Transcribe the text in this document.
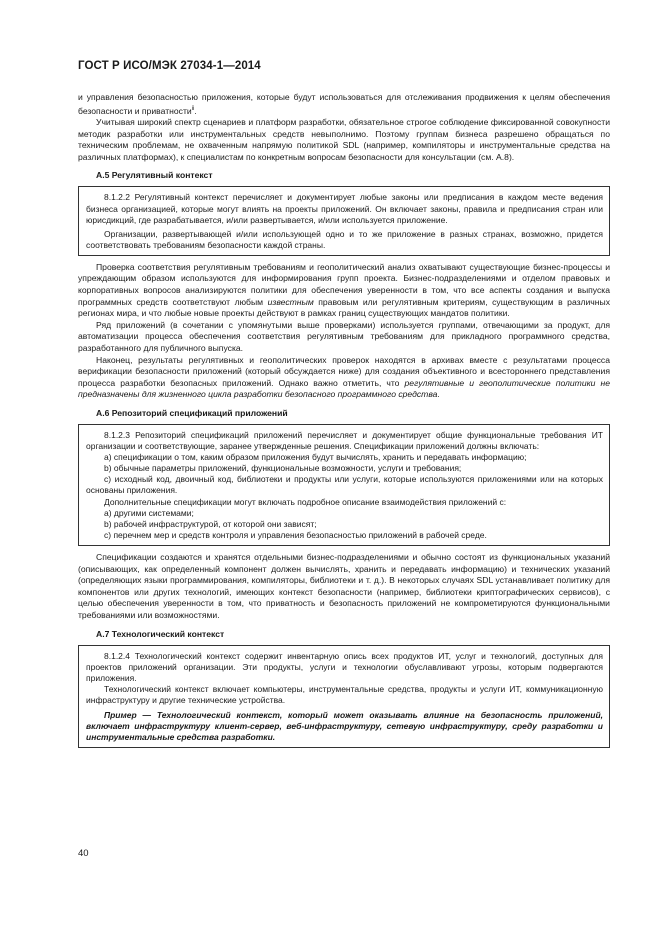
ГОСТ Р ИСО/МЭК 27034-1—2014

и управления безопасностью приложения, которые будут использоваться для отслеживания продвижения к целям обеспечения безопасности и приватности$^{ii}$.

Учитывая широкий спектр сценариев и платформ разработки, обязательное строгое соблюдение фиксированной совокупности методик разработки или инструментальных средств невыполнимо. Поэтому группам бизнеса разрешено обращаться по техническим проблемам, не охваченным напрямую политикой SDL (например, компиляторы и инструментальные средства на различных платформах), к специалистам по конкретным вопросам безопасности для консультации (см. А.8).

А.5 Регулятивный контекст

8.1.2.2 Регулятивный контекст перечисляет и документирует любые законы или предписания в каждом месте ведения бизнеса организацией, которые могут влиять на проекты приложений. Он включает законы, правила и предписания стран или юрисдикций, где разрабатывается, и/или развертывается, и/или используется приложение.

Организации, развертывающей и/или использующей одно и то же приложение в разных странах, возможно, придется соответствовать требованиям безопасности каждой страны.

Проверка соответствия регулятивным требованиям и геополитический анализ охватывают существующие бизнес-процессы и упреждающим образом используются для информирования групп проекта. Бизнес-подразделениями и отделом правовых и корпоративных вопросов анализируются политики для обеспечения уверенности в том, что все аспекты создания и выпуска программных средств соответствуют любым известным правовым или регулятивным критериям, существующим в различных регионах мира, и что любые новые проекты действуют в рамках границ существующих мандатов политики.

Ряд приложений (в сочетании с упомянутыми выше проверками) используется группами, отвечающими за продукт, для автоматизации процесса обеспечения соответствия регулятивным требованиям для прикладного программного средства, разработанного для публичного выпуска.

Наконец, результаты регулятивных и геополитических проверок находятся в архивах вместе с результатами процесса верификации безопасности приложений (который обсуждается ниже) для создания объективного и всестороннего представления процесса разработки безопасных приложений. Однако важно отметить, что регулятивные и геополитические политики не предназначены для жизненного цикла разработки безопасного программного средства.

А.6 Репозиторий спецификаций приложений

8.1.2.3 Репозиторий спецификаций приложений перечисляет и документирует общие функциональные требования ИТ организации и соответствующие, заранее утвержденные решения. Спецификации приложений должны включать:

a) спецификации о том, каким образом приложения будут вычислять, хранить и передавать информацию;

b) обычные параметры приложений, функциональные возможности, услуги и требования;

c) исходный код, двоичный код, библиотеки и продукты или услуги, которые используются приложениями или на которых основаны приложения.

Дополнительные спецификации могут включать подробное описание взаимодействия приложений с:

a) другими системами;

b) рабочей инфраструктурой, от которой они зависят;

c) перечнем мер и средств контроля и управления безопасностью приложений в рабочей среде.

Спецификации создаются и хранятся отдельными бизнес-подразделениями и обычно состоят из функциональных указаний (описывающих, как определенный компонент должен вычислять, хранить и передавать информацию) и технических указаний (определяющих языки программирования, компиляторы, библиотеки и т. д.). В некоторых случаях SDL устанавливает политику для компонентов или других технологий, имеющих контекст безопасности (например, библиотеки криптографических сервисов), с целью обеспечения уверенности в том, что приватность и безопасность приложений не компрометируются функциональными требованиями или возможностями.

А.7 Технологический контекст

8.1.2.4 Технологический контекст содержит инвентарную опись всех продуктов ИТ, услуг и технологий, доступных для проектов приложений организации. Эти продукты, услуги и технологии обуславливают угрозы, которым подвергаются приложения.

Технологический контекст включает компьютеры, инструментальные средства, продукты и услуги ИТ, коммуникационную инфраструктуру и другие технические устройства.

Пример — Технологический контекст, который может оказывать влияние на безопасность приложений, включает инфраструктуру клиент-сервер, веб-инфраструктуру, сетевую инфраструктуру, среду разработки и инструментальные средства разработки.

40
